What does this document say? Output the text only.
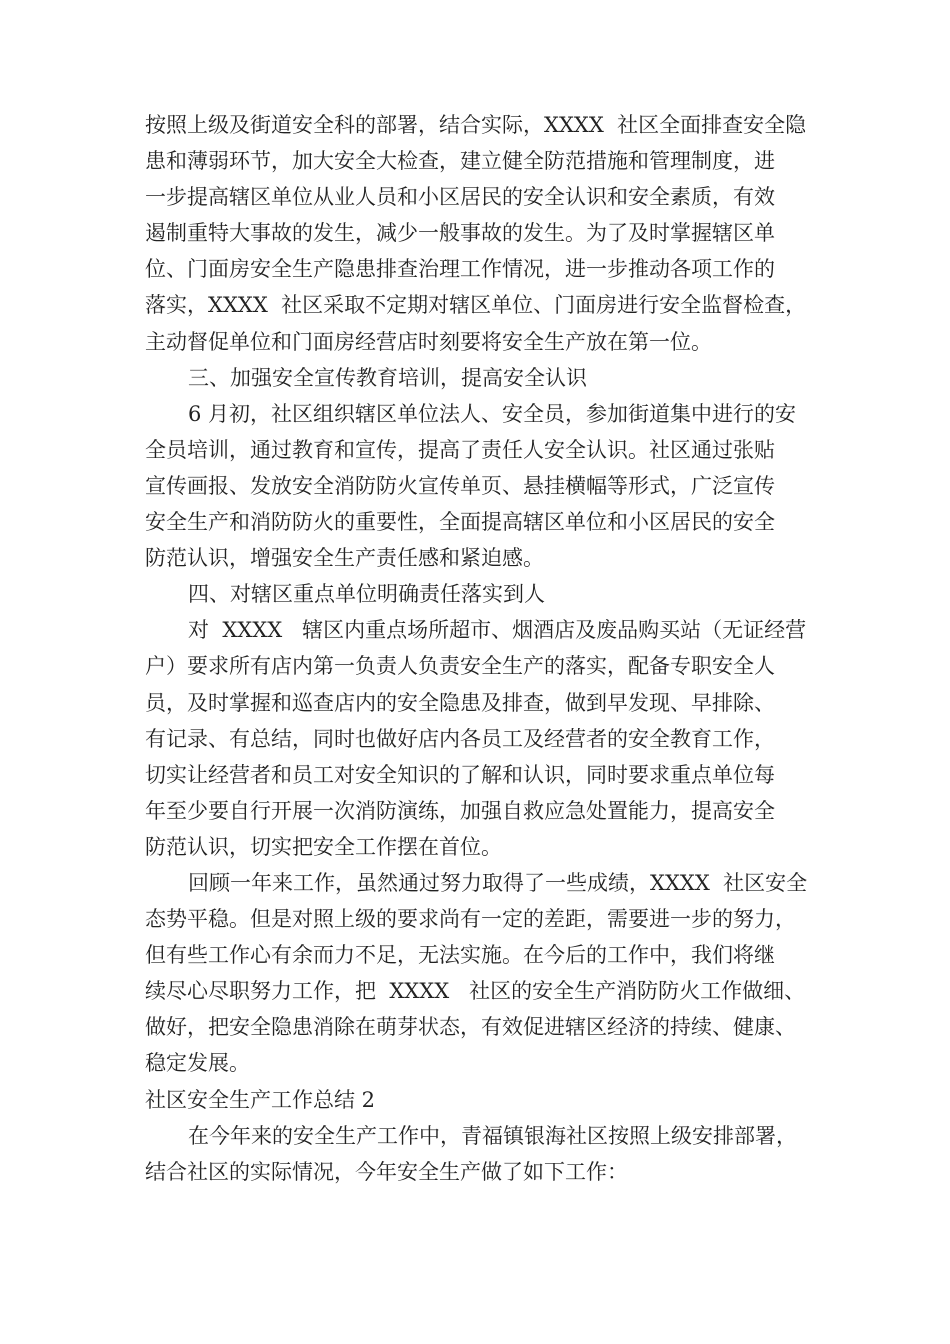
按照上级及街道安全科的部署，结合实际，XXXX  社区全面排查安全隐
患和薄弱环节，加大安全大检查，建立健全防范措施和管理制度，进
一步提高辖区单位从业人员和小区居民的安全认识和安全素质，有效
遏制重特大事故的发生，减少一般事故的发生。为了及时掌握辖区单
位、门面房安全生产隐患排查治理工作情况，进一步推动各项工作的
落实，XXXX  社区采取不定期对辖区单位、门面房进行安全监督检查，
主动督促单位和门面房经营店时刻要将安全生产放在第一位。
三、加强安全宣传教育培训，提高安全认识
6 月初，社区组织辖区单位法人、安全员，参加街道集中进行的安
全员培训，通过教育和宣传，提高了责任人安全认识。社区通过张贴
宣传画报、发放安全消防防火宣传单页、悬挂横幅等形式，广泛宣传
安全生产和消防防火的重要性，全面提高辖区单位和小区居民的安全
防范认识，增强安全生产责任感和紧迫感。
四、对辖区重点单位明确责任落实到人
对  XXXX   辖区内重点场所超市、烟酒店及废品购买站（无证经营
户）要求所有店内第一负责人负责安全生产的落实，配备专职安全人
员，及时掌握和巡查店内的安全隐患及排查，做到早发现、早排除、
有记录、有总结，同时也做好店内各员工及经营者的安全教育工作，
切实让经营者和员工对安全知识的了解和认识，同时要求重点单位每
年至少要自行开展一次消防演练，加强自救应急处置能力，提高安全
防范认识，切实把安全工作摆在首位。
回顾一年来工作，虽然通过努力取得了一些成绩，XXXX  社区安全
态势平稳。但是对照上级的要求尚有一定的差距，需要进一步的努力，
但有些工作心有余而力不足，无法实施。在今后的工作中，我们将继
续尽心尽职努力工作，把  XXXX   社区的安全生产消防防火工作做细、
做好，把安全隐患消除在萌芽状态，有效促进辖区经济的持续、健康、
稳定发展。
社区安全生产工作总结 2
在今年来的安全生产工作中，青福镇银海社区按照上级安排部署，
结合社区的实际情况，今年安全生产做了如下工作：
